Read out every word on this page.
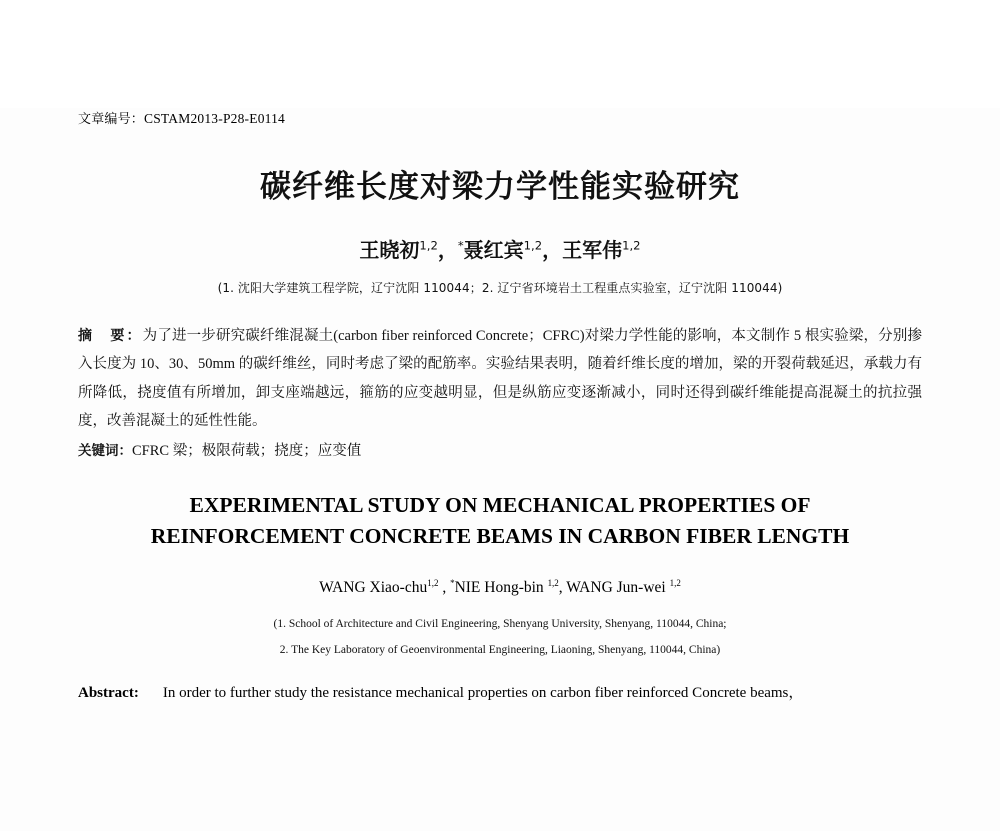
文章编号：CSTAM2013-P28-E0114
碳纤维长度对梁力学性能实验研究
王晓初$^{1,2}$，*聂红宾$^{1,2}$，王军伟$^{1,2}$
(1. 沈阳大学建筑工程学院，辽宁沈阳 110044；2. 辽宁省环境岩土工程重点实验室，辽宁沈阳 110044)
摘　要：为了进一步研究碳纤维混凝土(carbon fiber reinforced Concrete；CFRC)对梁力学性能的影响，本文制作 5 根实验梁，分别掺入长度为 10、30、50mm 的碳纤维丝，同时考虑了梁的配筋率。实验结果表明，随着纤维长度的增加，梁的开裂荷载延迟，承载力有所降低，挠度值有所增加，卸支座端越远，箍筋的应变越明显，但是纵筋应变逐渐减小，同时还得到碳纤维能提高混凝土的抗拉强度，改善混凝土的延性性能。
关键词：CFRC 梁；极限荷载；挠度；应变值
EXPERIMENTAL STUDY ON MECHANICAL PROPERTIES OF
REINFORCEMENT CONCRETE BEAMS IN CARBON FIBER LENGTH
WANG Xiao-chu$^{1,2}$ , *NIE Hong-bin $^{1,2}$, WANG Jun-wei $^{1,2}$
(1. School of Architecture and Civil Engineering, Shenyang University, Shenyang, 110044, China;
2. The Key Laboratory of Geoenvironmental Engineering, Liaoning, Shenyang, 110044, China)
Abstract: In order to further study the resistance mechanical properties on carbon fiber reinforced Concrete beams，
